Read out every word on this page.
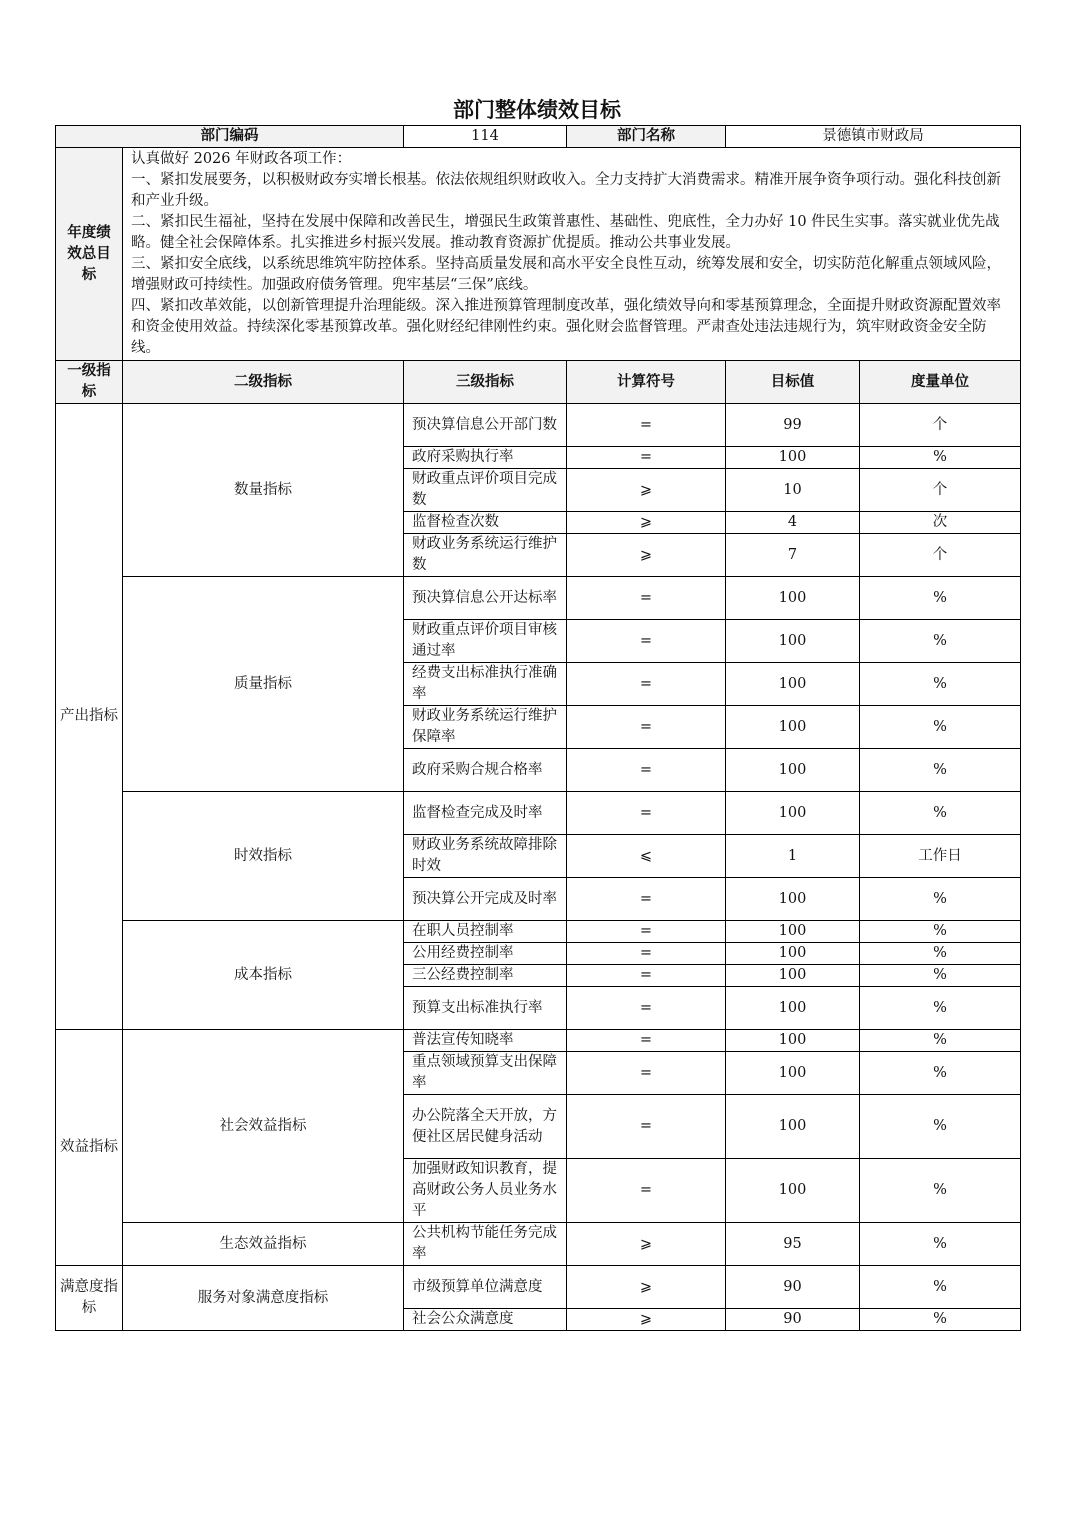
部门整体绩效目标
部门编码		114	部门名称	景德镇市财政局	
年度绩效总目标	认真做好 2026 年财政各项工作：

一、紧扣发展要务，以积极财政夯实增长根基。依法依规组织财政收入。全力支持扩大消费需求。精准开展争资争项行动。强化科技创新和产业升级。

二、紧扣民生福祉，坚持在发展中保障和改善民生，增强民生政策普惠性、基础性、兜底性，全力办好 10 件民生实事。落实就业优先战略。健全社会保障体系。扎实推进乡村振兴发展。推动教育资源扩优提质。推动公共事业发展。

三、紧扣安全底线，以系统思维筑牢防控体系。坚持高质量发展和高水平安全良性互动，统筹发展和安全，切实防范化解重点领域风险，增强财政可持续性。加强政府债务管理。兜牢基层“三保”底线。

四、紧扣改革效能，以创新管理提升治理能级。深入推进预算管理制度改革，强化绩效导向和零基预算理念，全面提升财政资源配置效率和资金使用效益。持续深化零基预算改革。强化财经纪律刚性约束。强化财会监督管理。严肃查处违法违规行为，筑牢财政资金安全防线。				

一级指标	二级指标	三级指标	计算符号	目标值	度量单位
产出指标	数量指标	预决算信息公开部门数	=	99	个
		政府采购执行率	=	100	%
		财政重点评价项目完成数	⩾	10	个
		监督检查次数	⩾	4	次
		财政业务系统运行维护数	⩾	7	个
	质量指标	预决算信息公开达标率	=	100	%
		财政重点评价项目审核通过率	=	100	%
		经费支出标准执行准确率	=	100	%
		财政业务系统运行维护保障率	=	100	%
		政府采购合规合格率	=	100	%
	时效指标	监督检查完成及时率	=	100	%
		财政业务系统故障排除时效	⩽	1	工作日
		预决算公开完成及时率	=	100	%
	成本指标	在职人员控制率	=	100	%
		公用经费控制率	=	100	%
		三公经费控制率	=	100	%
		预算支出标准执行率	=	100	%
效益指标	社会效益指标	普法宣传知晓率	=	100	%
		重点领域预算支出保障率	=	100	%
		办公院落全天开放，方便社区居民健身活动	=	100	%
		加强财政知识教育，提高财政公务人员业务水平	=	100	%
	生态效益指标	公共机构节能任务完成率	⩾	95	%
满意度指标	服务对象满意度指标	市级预算单位满意度	⩾	90	%
		社会公众满意度	⩾	90	%
